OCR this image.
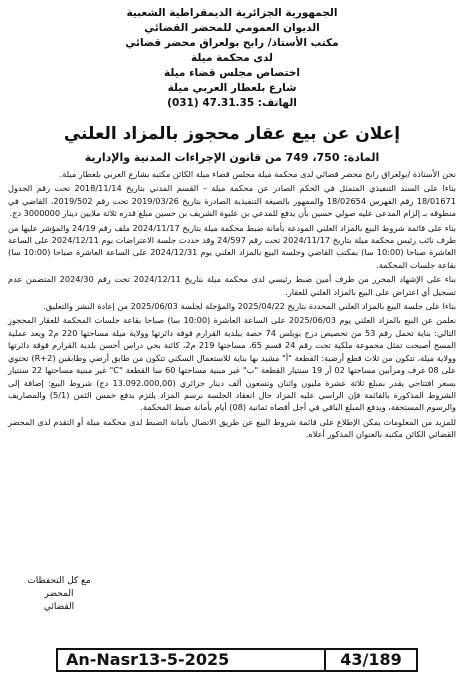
الجمهورية الجزائرية الديمقراطية الشعبية
الديوان العمومي للمحضر القضائي
مكتب الأستاذ/ رابح بولعراق محضر قضائي
لدى محكمة ميلة
اختصاص مجلس قضاء ميلة
شارع بلعطار العربي ميلة
الهاتف: 47.31.35 (031)
إعلان عن بيع عقار محجوز بالمزاد العلني
المادة: 750، 749 من قانون الإجراءات المدنية والإدارية

نحن الأستاذة /بولعراق رابح محضر قضائي لدى محكمة ميلة مجلس قضاء ميلة الكائن مكتبه بشارع العربي بلعطار ميلة.

بناءا على السند التنفيذي المتمثل في الحكم الصادر عن محكمة ميلة – القسم المدني بتاريخ 2018/11/14 تحت رقم الجدول 18/01671 رقم الفهرس 18/02654 والممهور بالصيغة التنفيذية الصادرة بتاريخ 2019/03/26 تحت رقم 2019/502، القاضي في منطوقه بـ إلزام المدعى عليه صولي حسين بأن يدفع للمدعي بن عليوة الشريف بن حسين مبلغ قدره ثلاثة ملايين دينار 3000000 دج.

بناء على قائمة شروط البيع بالمزاد العلني المودعة بأمانة ضبط محكمة ميلة بتاريخ 2024/11/17 ملف رقم 24/19 والمؤشر عليها من طرف نائب رئيس محكمة ميلة بتاريخ 2024/11/17 تحت رقم 24/597 وقد حددت جلسة الاعتراضات يوم 2024/12/11 على الساعة العاشرة صباحا (10:00 سا) بمكتب القاضي وجلسة البيع بالمزاد العلني يوم 2024/12/31 على الساعة العاشرة صباحا (10:00 سا) بقاعة جلسات المحكمة.

بناء على الإشهاد المحرر من طرف أمين ضبط رئيسي لدى محكمة ميلة بتاريخ 2024/12/11 تحت رقم 2024/30 المتضمن عدم تسجيل أي اعتراض على البيع بالمزاد العلني للعقار.

بناءا على جلسة البيع بالمزاد العلني المحددة بتاريخ 2025/04/22 والمؤجلة لجلسة 2025/06/03 من إعادة النشر والتعليق.

نعلمن عن البيع بالمزاد العلني يوم 2025/06/03 على الساعة العاشرة (10:00 سا) صباحا بقاعة جلسات المحكمة للعقار المحجوز التالي: بناية تحمل رقم 53 من تحصيص درج بويلس 74 حصة ببلدية القرارم قوقة دائرتها وولاية ميلة مساحتها 220 م2 ويعد عملية المسح أصبحت تمثل مجموعة ملكية تحت رقم 24 قسم 65، مساحتها 219 م2، كائنة بحي دراس أحسن بلدية القرارم قوقة دائرتها وولاية ميلة، تتكون من ثلاث قطع أرضية: القطعة "أ" مشيد بها بناية للاستعمال السكني تتكون من طابق أرضي وطابقين (R+2) تحتوي على 08 غرف ومرآبين مساحتها 02 آر 19 سنتيار القطعة "ب" غير مبنية مساحتها 60 سا القطعة "C" غير مبنية مساحتها 22 سنتيار بسعر افتتاحي يقدر بمبلغ ثلاثة عشرة مليون واثنان وتسعون ألف دينار جزائري (13.092.000,00 دج) شروط البيع: إضافة إلى الشروط المذكورة بالقائمة فإن الراسي عليه المزاد حال انعقاد الجلسة برسم المزاد يلتزم بدفع خمس الثمن (5/1) والمصاريف والرسوم المستحقة، ويدفع المبلغ الباقي في أجل أقصاه ثمانية (08) أيام بأمانة ضبط المحكمة.

للمزيد من المعلومات يمكن الإطلاع على قائمة شروط البيع عن طريق الاتصال بأمانة الضبط لدى محكمة ميلة أو التقدم لدى المحضر القضائي الكائن مكتبه بالعنوان المذكور أعلاه.

مع كل التحفظات
المحضر
القضائي
An-Nasr13-5-2025	43/189
